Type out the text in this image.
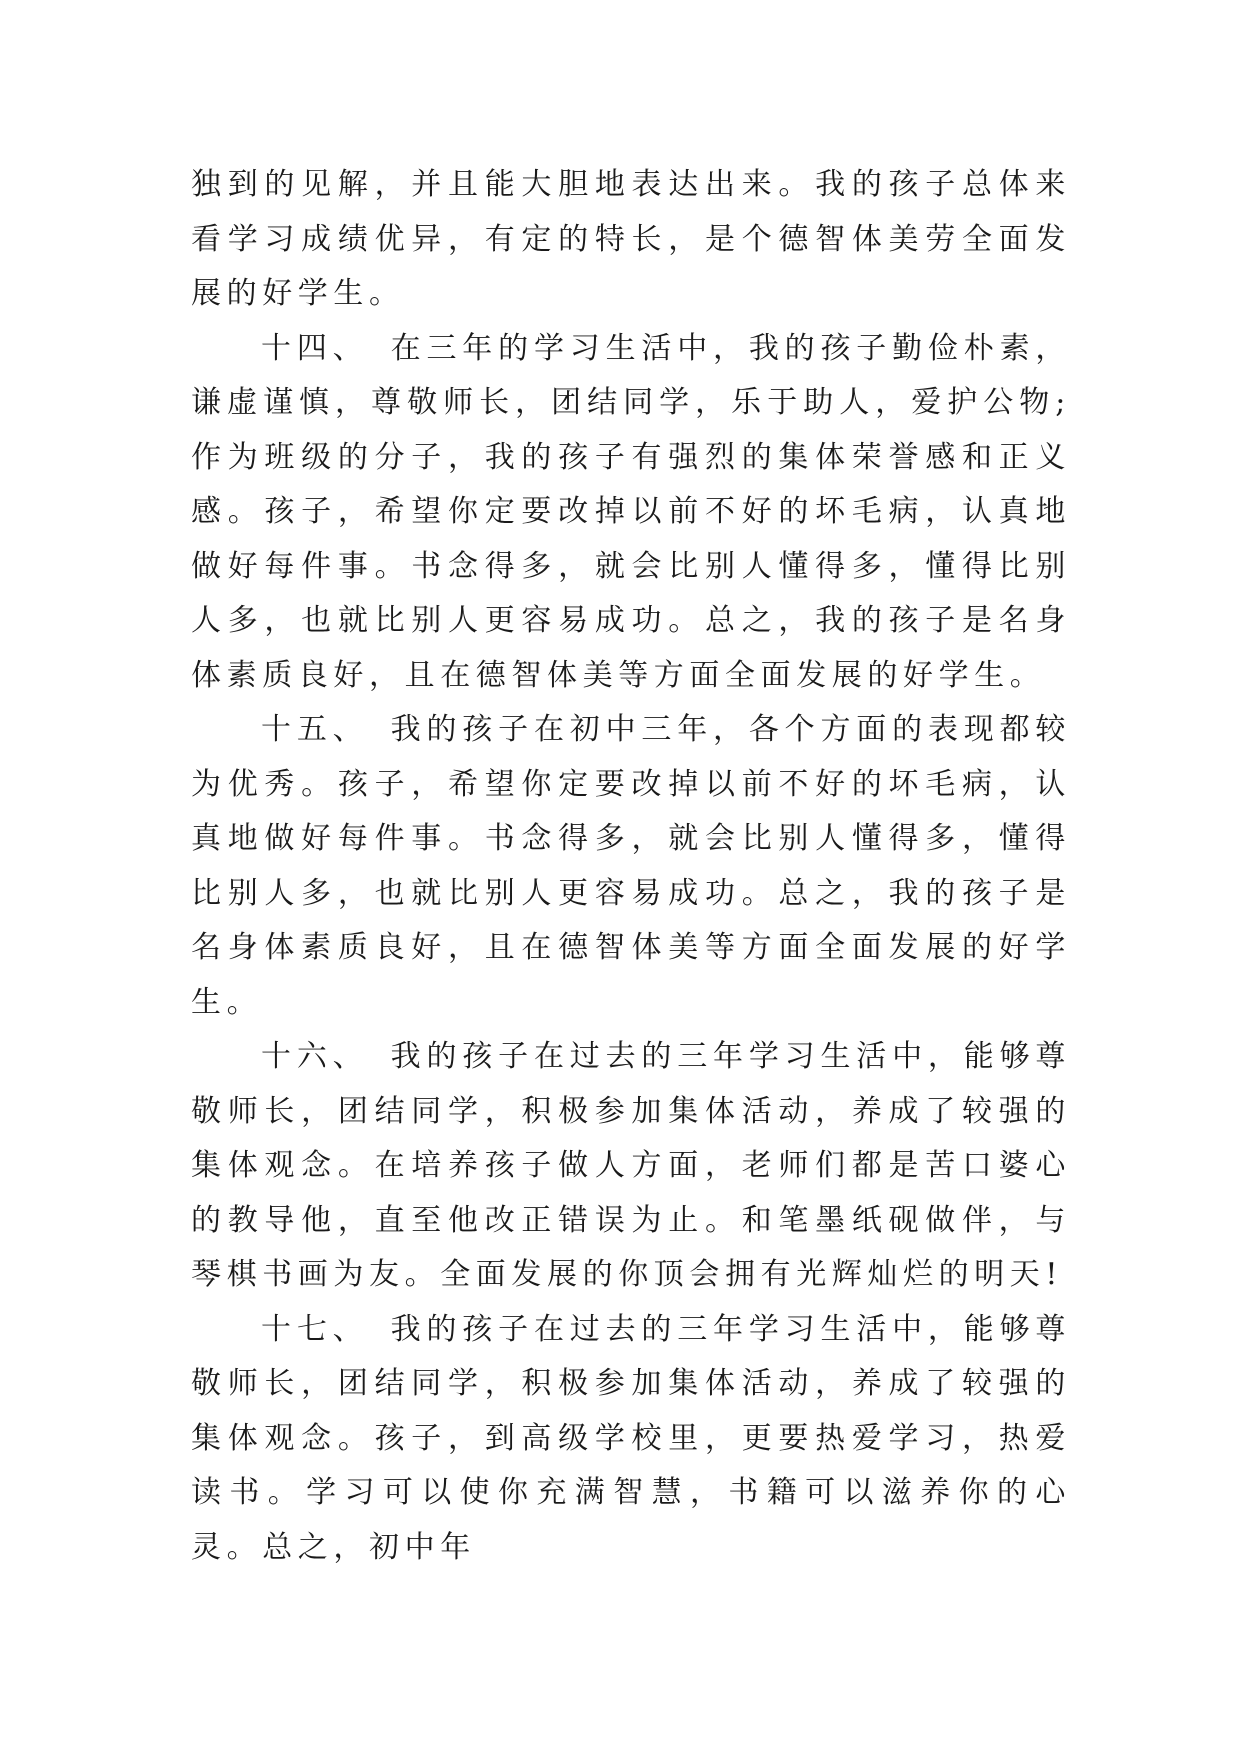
独到的见解，并且能大胆地表达出来。我的孩子总体来看学习成绩优异，有定的特长，是个德智体美劳全面发展的好学生。

十四、 在三年的学习生活中，我的孩子勤俭朴素，谦虚谨慎，尊敬师长，团结同学，乐于助人，爱护公物;作为班级的分子，我的孩子有强烈的集体荣誉感和正义感。孩子，希望你定要改掉以前不好的坏毛病，认真地做好每件事。书念得多，就会比别人懂得多，懂得比别人多，也就比别人更容易成功。总之，我的孩子是名身体素质良好，且在德智体美等方面全面发展的好学生。

十五、 我的孩子在初中三年，各个方面的表现都较为优秀。孩子，希望你定要改掉以前不好的坏毛病，认真地做好每件事。书念得多，就会比别人懂得多，懂得比别人多，也就比别人更容易成功。总之，我的孩子是名身体素质良好，且在德智体美等方面全面发展的好学生。

十六、 我的孩子在过去的三年学习生活中，能够尊敬师长，团结同学，积极参加集体活动，养成了较强的集体观念。在培养孩子做人方面，老师们都是苦口婆心的教导他，直至他改正错误为止。和笔墨纸砚做伴，与琴棋书画为友。全面发展的你顶会拥有光辉灿烂的明天!

十七、 我的孩子在过去的三年学习生活中，能够尊敬师长，团结同学，积极参加集体活动，养成了较强的集体观念。孩子，到高级学校里，更要热爱学习，热爱读书。学习可以使你充满智慧，书籍可以滋养你的心灵。总之，初中年
